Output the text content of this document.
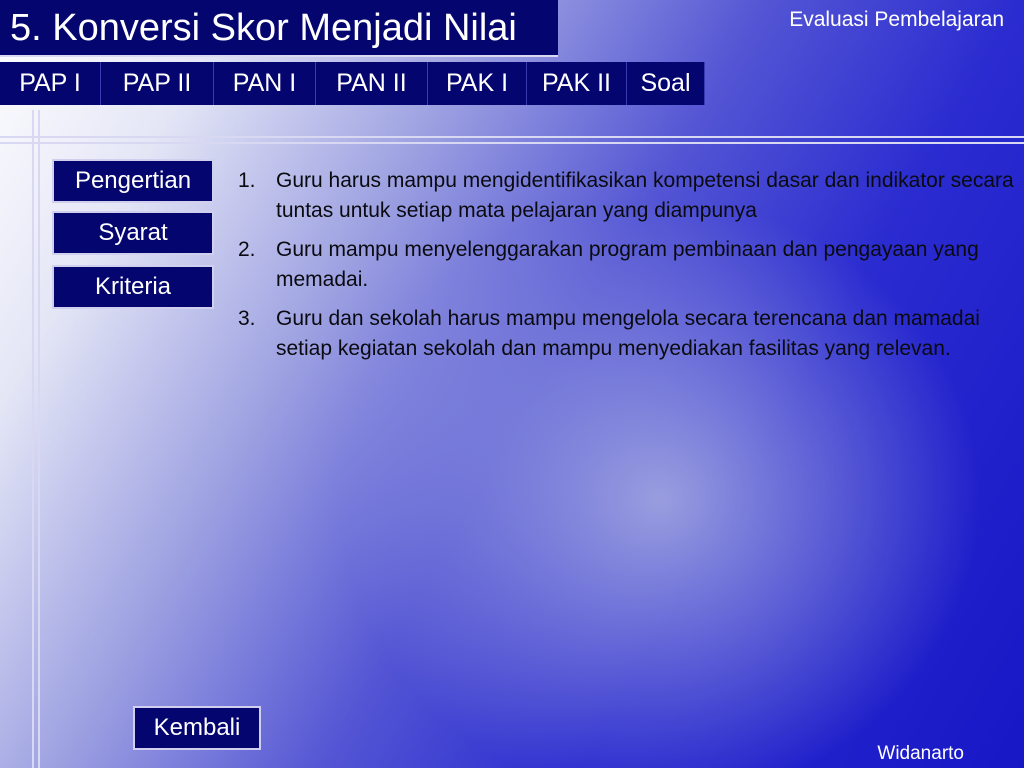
5. Konversi Skor Menjadi Nilai	Evaluasi Pembelajaran
PAP I	PAP II	PAN I	PAN II	PAK I	PAK II	Soal
Pengertian
Syarat
Kriteria
1. Guru harus mampu mengidentifikasikan kompetensi dasar dan indikator secara tuntas untuk setiap mata pelajaran yang diampunya
2. Guru mampu menyelenggarakan program pembinaan dan pengayaan yang memadai.
3. Guru dan sekolah harus mampu mengelola secara terencana dan mamadai setiap kegiatan sekolah dan mampu menyediakan fasilitas yang relevan.
Kembali
Widanarto
